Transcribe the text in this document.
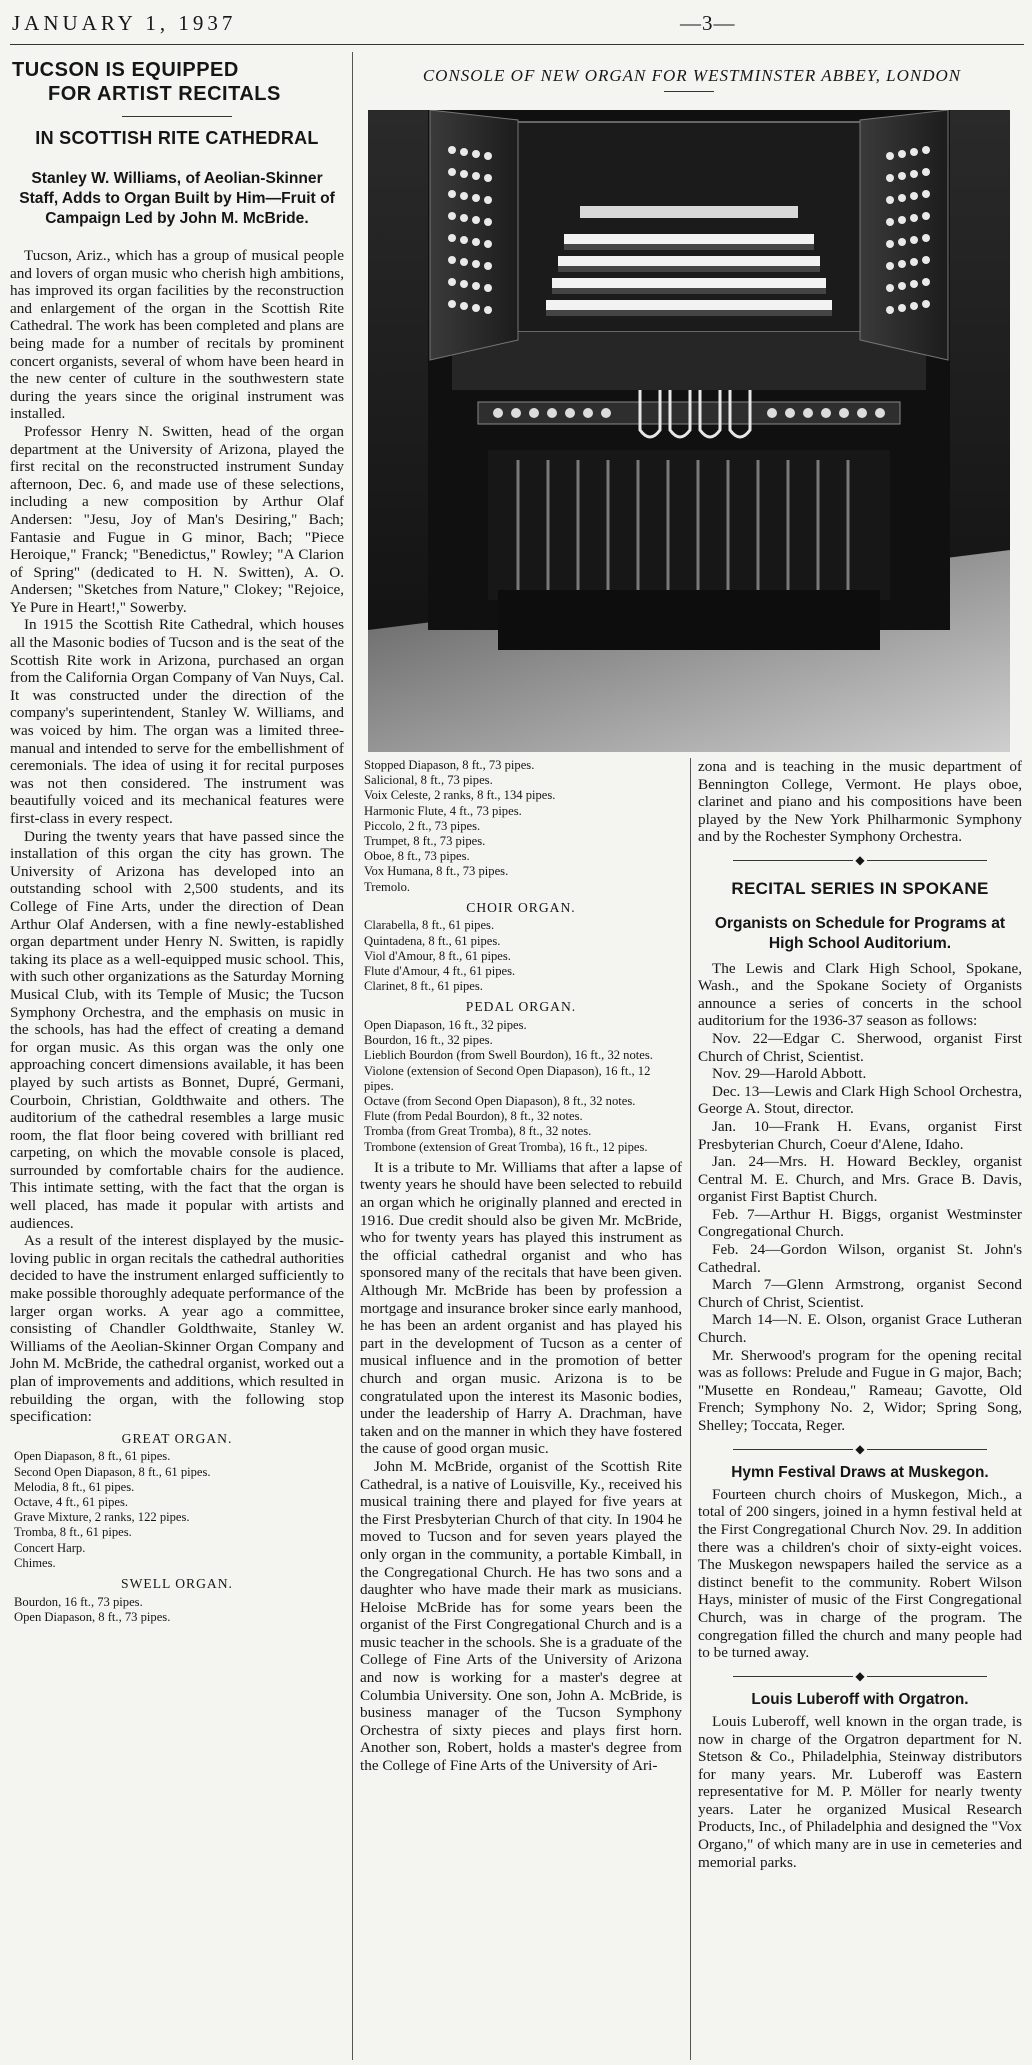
JANUARY 1, 1937	—3—
TUCSON IS EQUIPPED
FOR ARTIST RECITALS
IN SCOTTISH RITE CATHEDRAL
Stanley W. Williams, of Aeolian-Skinner Staff, Adds to Organ Built by Him—Fruit of Campaign Led by John M. McBride.

Tucson, Ariz., which has a group of musical people and lovers of organ music who cherish high ambitions, has improved its organ facilities by the reconstruction and enlargement of the organ in the Scottish Rite Cathedral. The work has been completed and plans are being made for a number of recitals by prominent concert organists, several of whom have been heard in the new center of culture in the southwestern state during the years since the original instrument was installed.

Professor Henry N. Switten, head of the organ department at the University of Arizona, played the first recital on the reconstructed instrument Sunday afternoon, Dec. 6, and made use of these selections, including a new composition by Arthur Olaf Andersen: "Jesu, Joy of Man's Desiring," Bach; Fantasie and Fugue in G minor, Bach; "Piece Heroique," Franck; "Benedictus," Rowley; "A Clarion of Spring" (dedicated to H. N. Switten), A. O. Andersen; "Sketches from Nature," Clokey; "Rejoice, Ye Pure in Heart!," Sowerby.

In 1915 the Scottish Rite Cathedral, which houses all the Masonic bodies of Tucson and is the seat of the Scottish Rite work in Arizona, purchased an organ from the California Organ Company of Van Nuys, Cal. It was constructed under the direction of the company's superintendent, Stanley W. Williams, and was voiced by him. The organ was a limited three-manual and intended to serve for the embellishment of ceremonials. The idea of using it for recital purposes was not then considered. The instrument was beautifully voiced and its mechanical features were first-class in every respect.

During the twenty years that have passed since the installation of this organ the city has grown. The University of Arizona has developed into an outstanding school with 2,500 students, and its College of Fine Arts, under the direction of Dean Arthur Olaf Andersen, with a fine newly-established organ department under Henry N. Switten, is rapidly taking its place as a well-equipped music school. This, with such other organizations as the Saturday Morning Musical Club, with its Temple of Music; the Tucson Symphony Orchestra, and the emphasis on music in the schools, has had the effect of creating a demand for organ music. As this organ was the only one approaching concert dimensions available, it has been played by such artists as Bonnet, Dupré, Germani, Courboin, Christian, Goldthwaite and others. The auditorium of the cathedral resembles a large music room, the flat floor being covered with brilliant red carpeting, on which the movable console is placed, surrounded by comfortable chairs for the audience. This intimate setting, with the fact that the organ is well placed, has made it popular with artists and audiences.

As a result of the interest displayed by the music-loving public in organ recitals the cathedral authorities decided to have the instrument enlarged sufficiently to make possible thoroughly adequate performance of the larger organ works. A year ago a committee, consisting of Chandler Goldthwaite, Stanley W. Williams of the Aeolian-Skinner Organ Company and John M. McBride, the cathedral organist, worked out a plan of improvements and additions, which resulted in rebuilding the organ, with the following stop specification:

GREAT ORGAN.
Open Diapason, 8 ft., 61 pipes.
Second Open Diapason, 8 ft., 61 pipes.
Melodia, 8 ft., 61 pipes.
Octave, 4 ft., 61 pipes.
Grave Mixture, 2 ranks, 122 pipes.
Tromba, 8 ft., 61 pipes.
Concert Harp.
Chimes.
SWELL ORGAN.
Bourdon, 16 ft., 73 pipes.
Open Diapason, 8 ft., 73 pipes.
CONSOLE OF NEW ORGAN FOR WESTMINSTER ABBEY, LONDON
Stopped Diapason, 8 ft., 73 pipes.
Salicional, 8 ft., 73 pipes.
Voix Celeste, 2 ranks, 8 ft., 134 pipes.
Harmonic Flute, 4 ft., 73 pipes.
Piccolo, 2 ft., 73 pipes.
Trumpet, 8 ft., 73 pipes.
Oboe, 8 ft., 73 pipes.
Vox Humana, 8 ft., 73 pipes.
Tremolo.
CHOIR ORGAN.
Clarabella, 8 ft., 61 pipes.
Quintadena, 8 ft., 61 pipes.
Viol d'Amour, 8 ft., 61 pipes.
Flute d'Amour, 4 ft., 61 pipes.
Clarinet, 8 ft., 61 pipes.
PEDAL ORGAN.
Open Diapason, 16 ft., 32 pipes.
Bourdon, 16 ft., 32 pipes.
Lieblich Bourdon (from Swell Bourdon), 16 ft., 32 notes.
Violone (extension of Second Open Diapason), 16 ft., 12 pipes.
Octave (from Second Open Diapason), 8 ft., 32 notes.
Flute (from Pedal Bourdon), 8 ft., 32 notes.
Tromba (from Great Tromba), 8 ft., 32 notes.
Trombone (extension of Great Tromba), 16 ft., 12 pipes.

It is a tribute to Mr. Williams that after a lapse of twenty years he should have been selected to rebuild an organ which he originally planned and erected in 1916. Due credit should also be given Mr. McBride, who for twenty years has played this instrument as the official cathedral organist and who has sponsored many of the recitals that have been given. Although Mr. McBride has been by profession a mortgage and insurance broker since early manhood, he has been an ardent organist and has played his part in the development of Tucson as a center of musical influence and in the promotion of better church and organ music. Arizona is to be congratulated upon the interest its Masonic bodies, under the leadership of Harry A. Drachman, have taken and on the manner in which they have fostered the cause of good organ music.

John M. McBride, organist of the Scottish Rite Cathedral, is a native of Louisville, Ky., received his musical training there and played for five years at the First Presbyterian Church of that city. In 1904 he moved to Tucson and for seven years played the only organ in the community, a portable Kimball, in the Congregational Church. He has two sons and a daughter who have made their mark as musicians. Heloise McBride has for some years been the organist of the First Congregational Church and is a music teacher in the schools. She is a graduate of the College of Fine Arts of the University of Arizona and now is working for a master's degree at Columbia University. One son, John A. McBride, is business manager of the Tucson Symphony Orchestra of sixty pieces and plays first horn. Another son, Robert, holds a master's degree from the College of Fine Arts of the University of Ari-

zona and is teaching in the music department of Bennington College, Vermont. He plays oboe, clarinet and piano and his compositions have been played by the New York Philharmonic Symphony and by the Rochester Symphony Orchestra.

◆
RECITAL SERIES IN SPOKANE
Organists on Schedule for Programs at High School Auditorium.

The Lewis and Clark High School, Spokane, Wash., and the Spokane Society of Organists announce a series of concerts in the school auditorium for the 1936-37 season as follows:

Nov. 22—Edgar C. Sherwood, organist First Church of Christ, Scientist.

Nov. 29—Harold Abbott.

Dec. 13—Lewis and Clark High School Orchestra, George A. Stout, director.

Jan. 10—Frank H. Evans, organist First Presbyterian Church, Coeur d'Alene, Idaho.

Jan. 24—Mrs. H. Howard Beckley, organist Central M. E. Church, and Mrs. Grace B. Davis, organist First Baptist Church.

Feb. 7—Arthur H. Biggs, organist Westminster Congregational Church.

Feb. 24—Gordon Wilson, organist St. John's Cathedral.

March 7—Glenn Armstrong, organist Second Church of Christ, Scientist.

March 14—N. E. Olson, organist Grace Lutheran Church.

Mr. Sherwood's program for the opening recital was as follows: Prelude and Fugue in G major, Bach; "Musette en Rondeau," Rameau; Gavotte, Old French; Symphony No. 2, Widor; Spring Song, Shelley; Toccata, Reger.

◆
Hymn Festival Draws at Muskegon.

Fourteen church choirs of Muskegon, Mich., a total of 200 singers, joined in a hymn festival held at the First Congregational Church Nov. 29. In addition there was a children's choir of sixty-eight voices. The Muskegon newspapers hailed the service as a distinct benefit to the community. Robert Wilson Hays, minister of music of the First Congregational Church, was in charge of the program. The congregation filled the church and many people had to be turned away.

◆
Louis Luberoff with Orgatron.

Louis Luberoff, well known in the organ trade, is now in charge of the Orgatron department for N. Stetson & Co., Philadelphia, Steinway distributors for many years. Mr. Luberoff was Eastern representative for M. P. Möller for nearly twenty years. Later he organized Musical Research Products, Inc., of Philadelphia and designed the "Vox Organo," of which many are in use in cemeteries and memorial parks.
